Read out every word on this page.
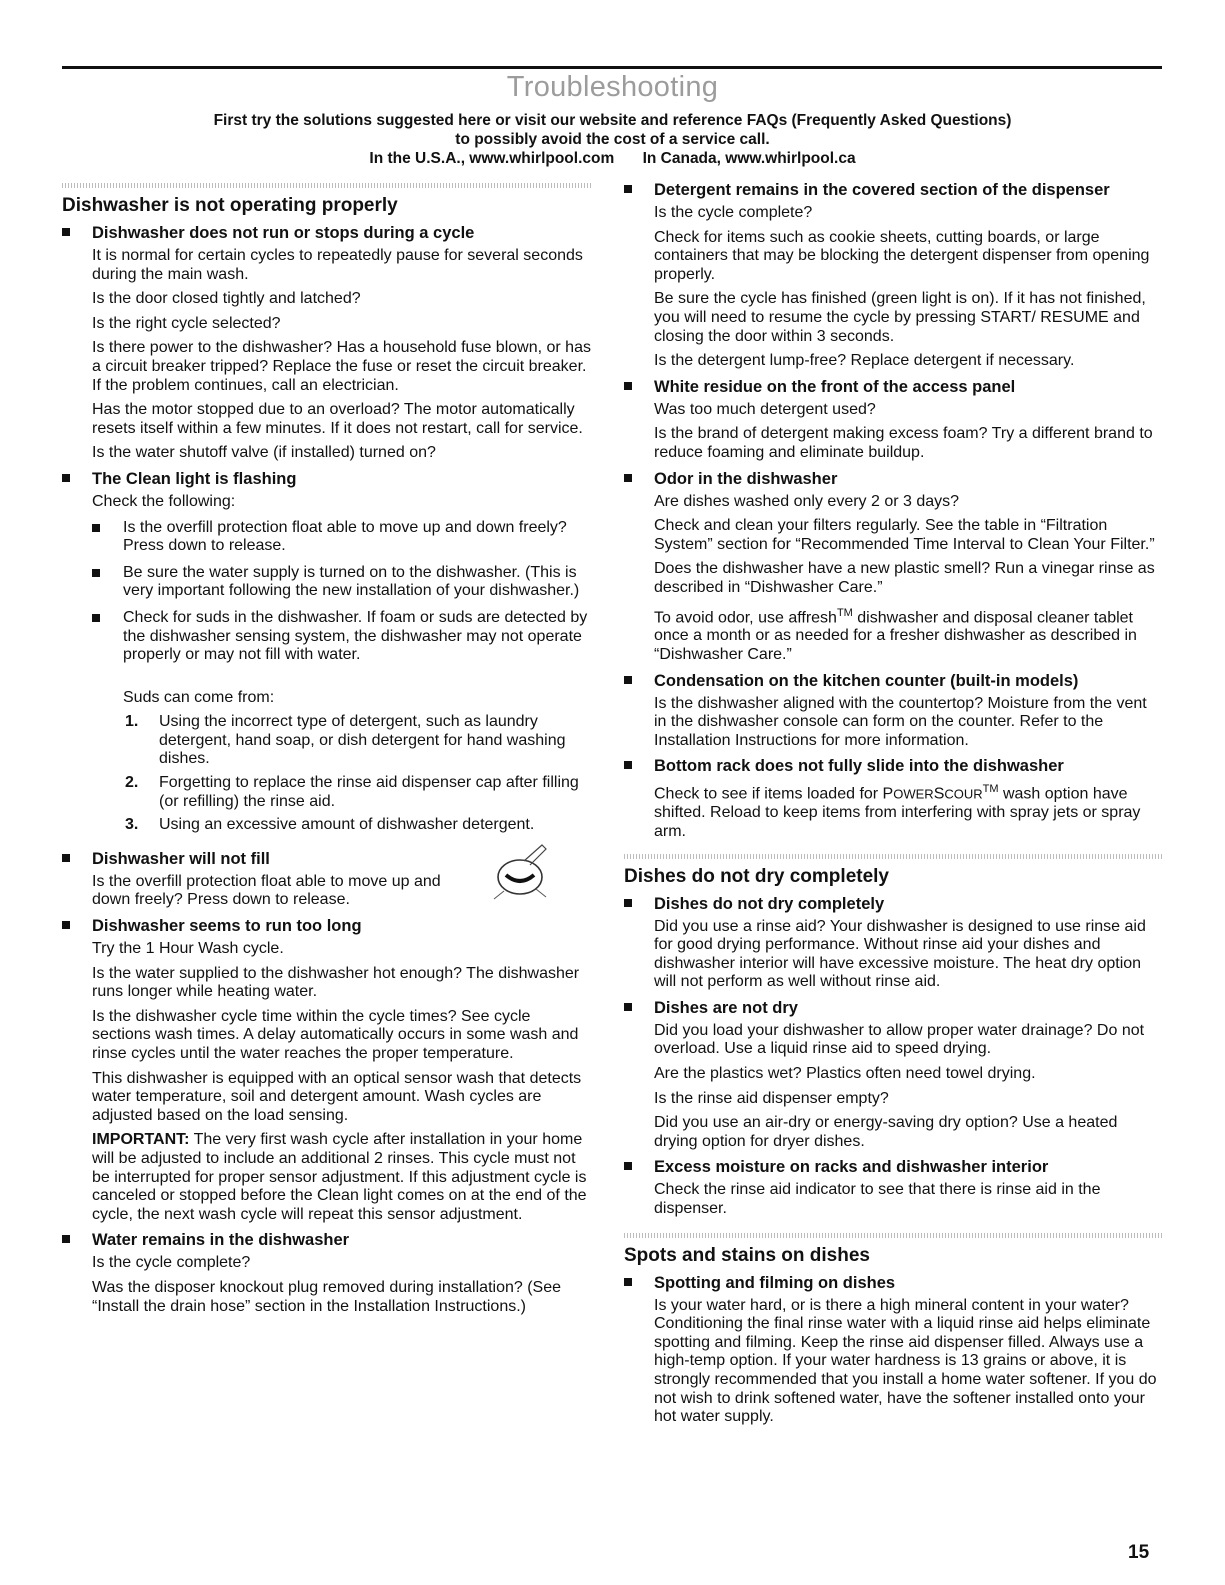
Troubleshooting
First try the solutions suggested here or visit our website and reference FAQs (Frequently Asked Questions)
to possibly avoid the cost of a service call.
In the U.S.A., www.whirlpool.com In Canada, www.whirlpool.ca
Dishwasher is not operating properly
Dishwasher does not run or stops during a cycle

It is normal for certain cycles to repeatedly pause for several seconds during the main wash.

Is the door closed tightly and latched?

Is the right cycle selected?

Is there power to the dishwasher? Has a household fuse blown, or has a circuit breaker tripped? Replace the fuse or reset the circuit breaker. If the problem continues, call an electrician.

Has the motor stopped due to an overload? The motor automatically resets itself within a few minutes. If it does not restart, call for service.

Is the water shutoff valve (if installed) turned on?

The Clean light is flashing

Check the following:

Is the overfill protection float able to move up and down freely? Press down to release.
Be sure the water supply is turned on to the dishwasher. (This is very important following the new installation of your dishwasher.)
Check for suds in the dishwasher. If foam or suds are detected by the dishwasher sensing system, the dishwasher may not operate properly or may not fill with water.
Suds can come from:
1. Using the incorrect type of detergent, such as laundry detergent, hand soap, or dish detergent for hand washing dishes.
2. Forgetting to replace the rinse aid dispenser cap after filling (or refilling) the rinse aid.
3. Using an excessive amount of dishwasher detergent.
Dishwasher will not fill

Is the overfill protection float able to move up and down freely? Press down to release.

Dishwasher seems to run too long

Try the 1 Hour Wash cycle.

Is the water supplied to the dishwasher hot enough? The dishwasher runs longer while heating water.

Is the dishwasher cycle time within the cycle times? See cycle sections wash times. A delay automatically occurs in some wash and rinse cycles until the water reaches the proper temperature.

This dishwasher is equipped with an optical sensor wash that detects water temperature, soil and detergent amount. Wash cycles are adjusted based on the load sensing.

IMPORTANT: The very first wash cycle after installation in your home will be adjusted to include an additional 2 rinses. This cycle must not be interrupted for proper sensor adjustment. If this adjustment cycle is canceled or stopped before the Clean light comes on at the end of the cycle, the next wash cycle will repeat this sensor adjustment.

Water remains in the dishwasher

Is the cycle complete?

Was the disposer knockout plug removed during installation? (See “Install the drain hose” section in the Installation Instructions.)

Detergent remains in the covered section of the dispenser

Is the cycle complete?

Check for items such as cookie sheets, cutting boards, or large containers that may be blocking the detergent dispenser from opening properly.

Be sure the cycle has finished (green light is on). If it has not finished, you will need to resume the cycle by pressing START/ RESUME and closing the door within 3 seconds.

Is the detergent lump-free? Replace detergent if necessary.

White residue on the front of the access panel

Was too much detergent used?

Is the brand of detergent making excess foam? Try a different brand to reduce foaming and eliminate buildup.

Odor in the dishwasher

Are dishes washed only every 2 or 3 days?

Check and clean your filters regularly. See the table in “Filtration System” section for “Recommended Time Interval to Clean Your Filter.”

Does the dishwasher have a new plastic smell? Run a vinegar rinse as described in “Dishwasher Care.”

To avoid odor, use affresh™ dishwasher and disposal cleaner tablet once a month or as needed for a fresher dishwasher as described in “Dishwasher Care.”

Condensation on the kitchen counter (built-in models)

Is the dishwasher aligned with the countertop? Moisture from the vent in the dishwasher console can form on the counter. Refer to the Installation Instructions for more information.

Bottom rack does not fully slide into the dishwasher

Check to see if items loaded for POWERSCOUR™ wash option have shifted. Reload to keep items from interfering with spray jets or spray arm.

Dishes do not dry completely
Dishes do not dry completely

Did you use a rinse aid? Your dishwasher is designed to use rinse aid for good drying performance. Without rinse aid your dishes and dishwasher interior will have excessive moisture. The heat dry option will not perform as well without rinse aid.

Dishes are not dry

Did you load your dishwasher to allow proper water drainage? Do not overload. Use a liquid rinse aid to speed drying.

Are the plastics wet? Plastics often need towel drying.

Is the rinse aid dispenser empty?

Did you use an air-dry or energy-saving dry option? Use a heated drying option for dryer dishes.

Excess moisture on racks and dishwasher interior

Check the rinse aid indicator to see that there is rinse aid in the dispenser.

Spots and stains on dishes
Spotting and filming on dishes

Is your water hard, or is there a high mineral content in your water? Conditioning the final rinse water with a liquid rinse aid helps eliminate spotting and filming. Keep the rinse aid dispenser filled. Always use a high-temp option. If your water hardness is 13 grains or above, it is strongly recommended that you install a home water softener. If you do not wish to drink softened water, have the softener installed onto your hot water supply.

15
